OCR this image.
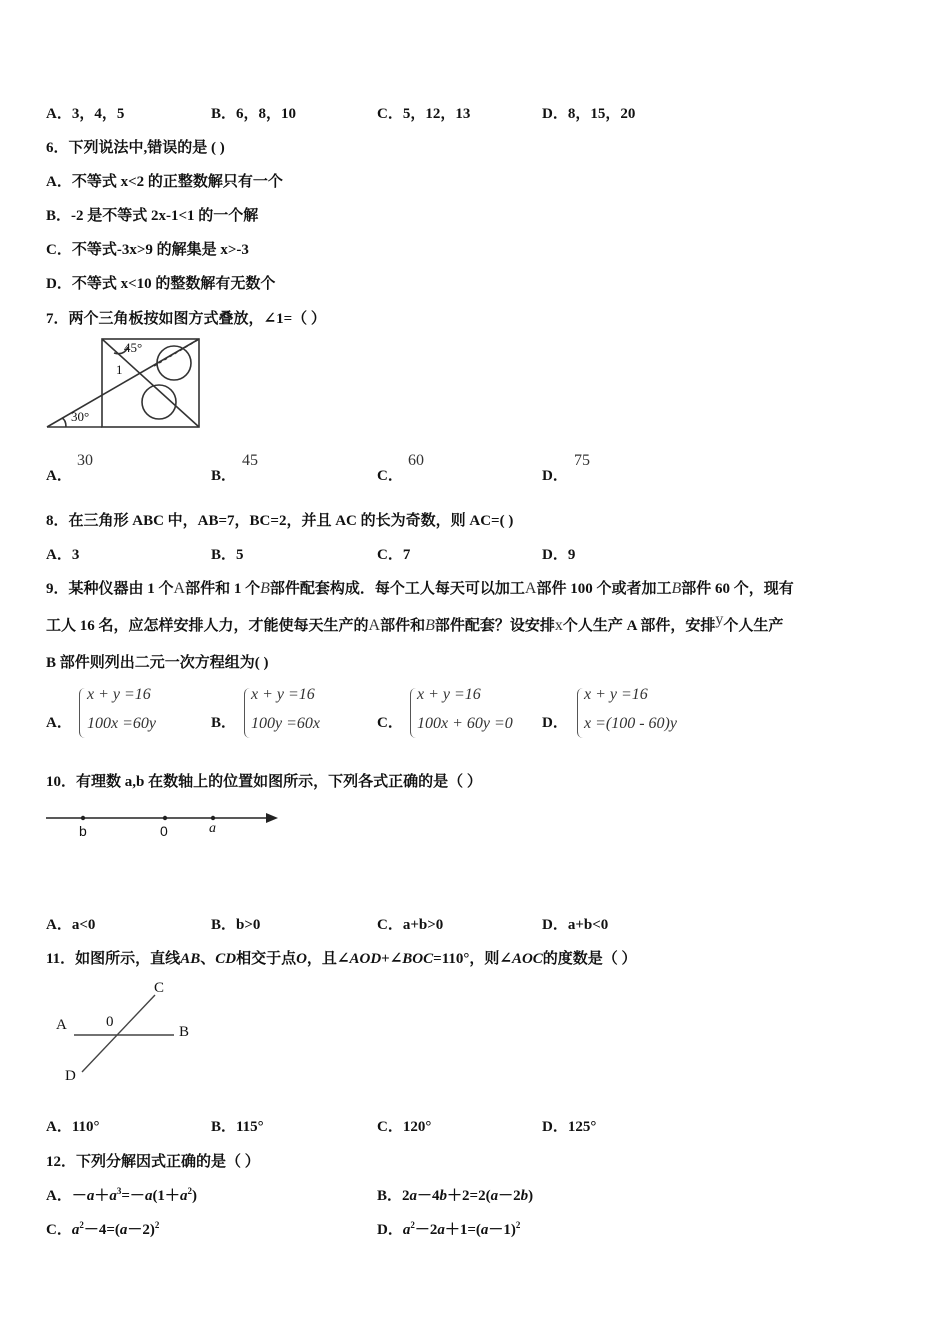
A．3，4，5	B．6，8，10	C．5，12，13	D．8，15，20
6．下列说法中,错误的是 ( )
A．不等式 x<2 的正整数解只有一个
B．-2 是不等式 2x-1<1 的一个解
C．不等式-3x>9 的解集是 x>-3
D．不等式 x<10 的整数解有无数个
7．两个三角板按如图方式叠放，∠1=（ ）
45°
30°
1
A．
30
B．
45
C．
60
D．
75
8．在三角形 ABC 中，AB=7，BC=2，并且 AC 的长为奇数，则 AC=( )
A．3	B．5	C．7	D．9
9．某种仪器由 1 个A部件和 1 个B部件配套构成．每个工人每天可以加工A部件 100 个或者加工B部件 60 个，现有
工人 16 名，应怎样安排人力，才能使每天生产的A部件和B部件配套？设安排x个人生产 A 部件，安排y个人生产
B 部件则列出二元一次方程组为( )
A．
x + y =16
100x =60y	B．
x + y =16
100y =60x	C．
x + y =16
100x + 60y =0 D．
x + y =16
x =(100 - 60)y
10．有理数 a,b 在数轴上的位置如图所示，下列各式正确的是（ ）
b	0	a
A．a<0	B．b>0	C．a+b>0	D．a+b<0
11．如图所示，直线AB、CD相交于点O，且∠AOD+∠BOC=110°，则∠AOC的度数是（ ）
A	B
C
D
0
A．110°	B．115°	C．120°	D．125°
12．下列分解因式正确的是（ ）
A．$-a+a^3=-a(1+a^2)$	B．2a－4b＋2=2(a－2b)
C．$a^2-4=(a-2)^2$	D．$a^2-2a+1=(a-1)^2$
